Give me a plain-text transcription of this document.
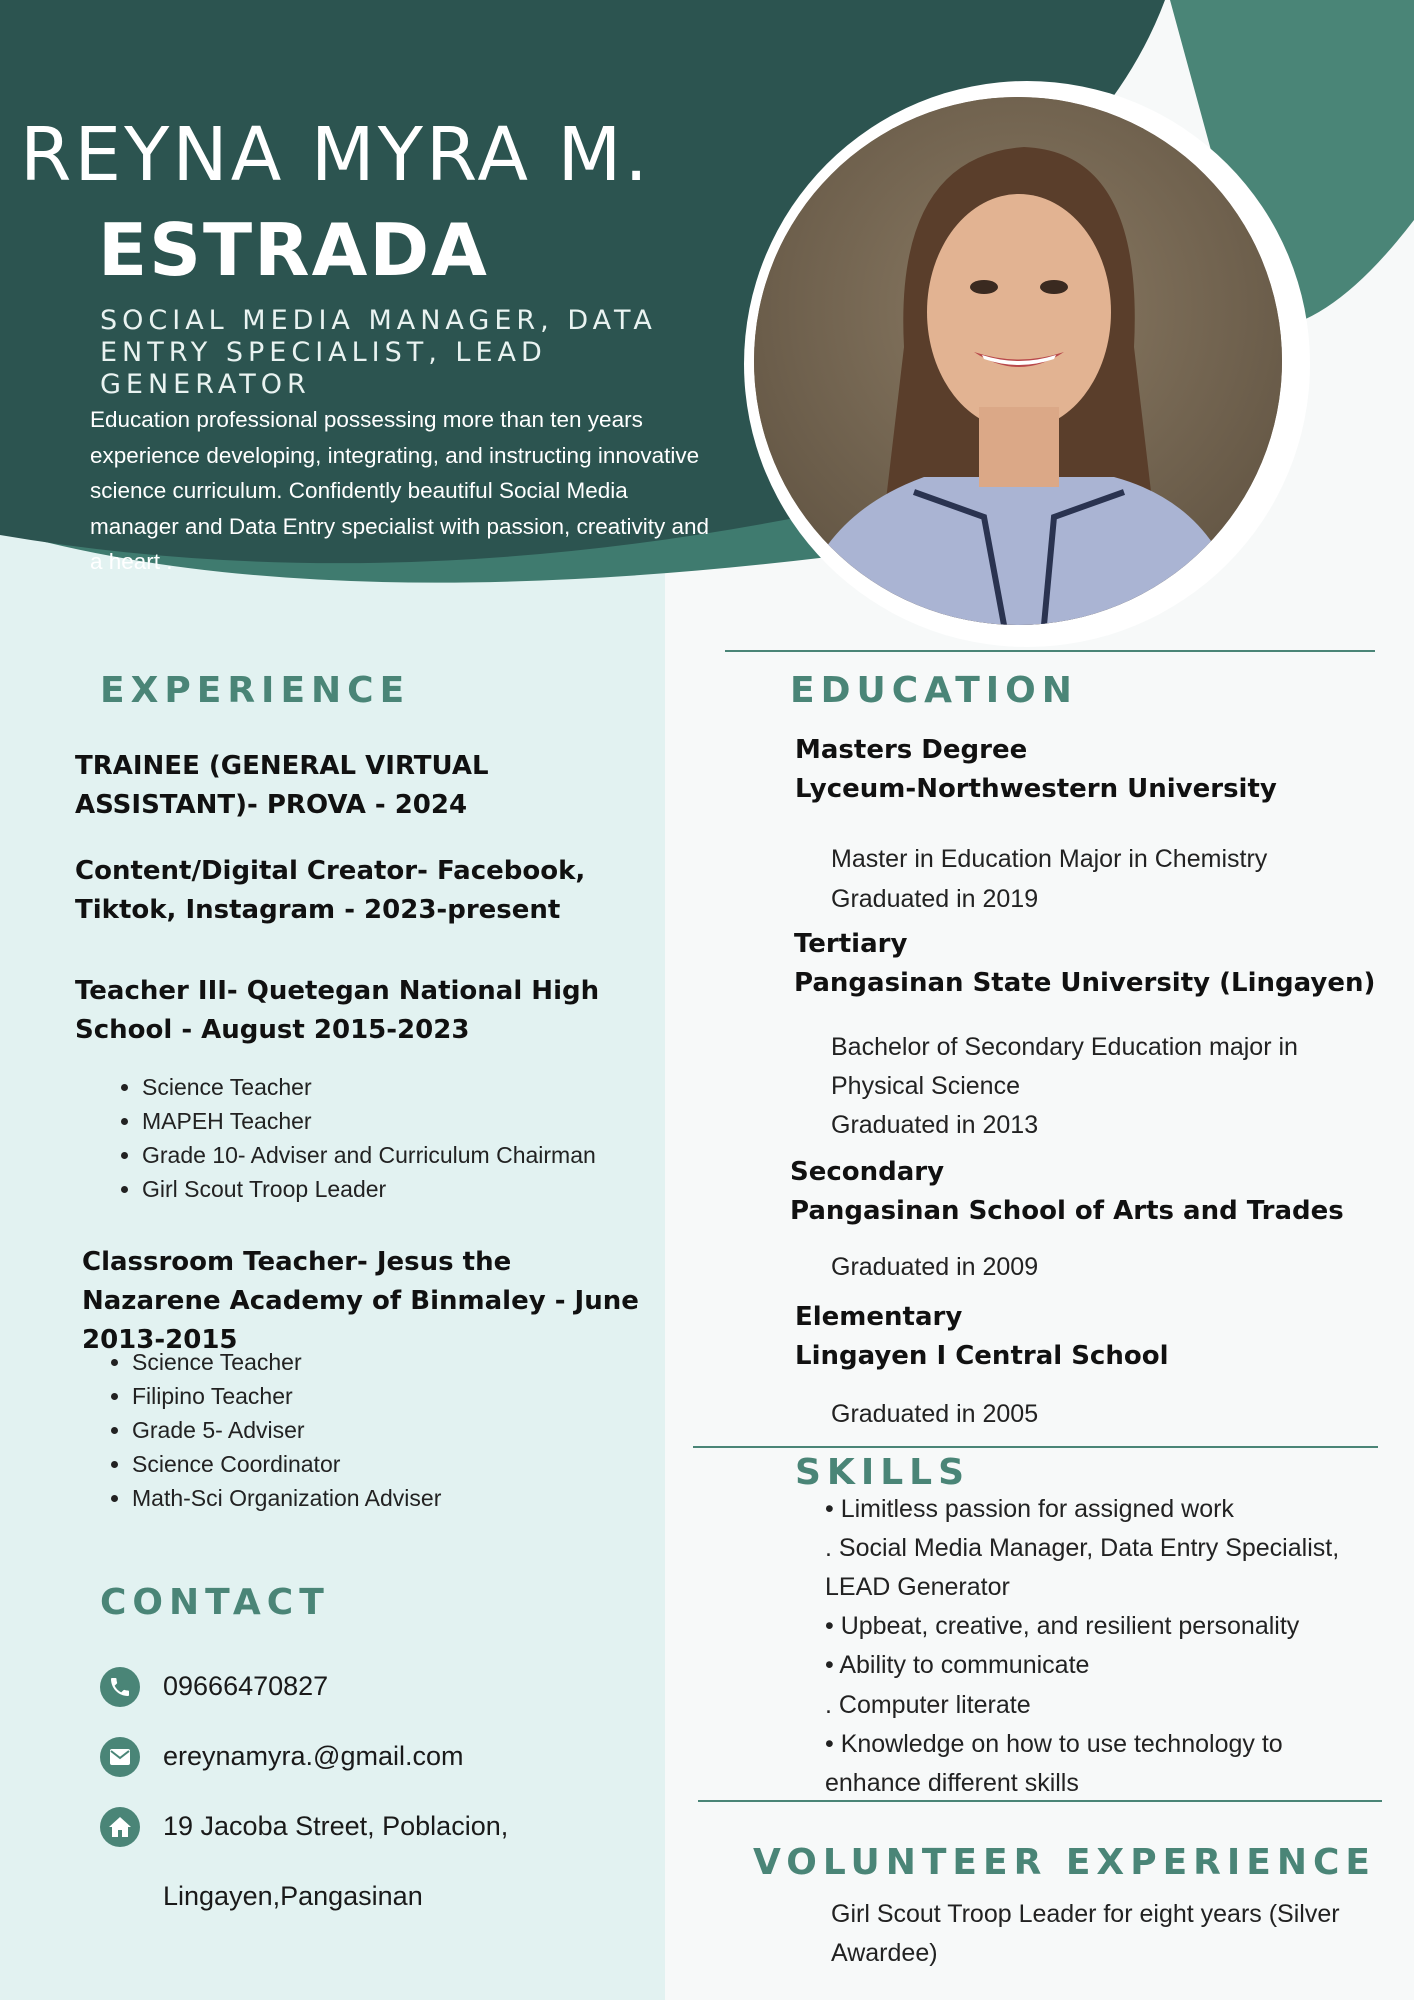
REYNA MYRA M.
ESTRADA
SOCIAL MEDIA MANAGER, DATA ENTRY SPECIALIST, LEAD GENERATOR
Education professional possessing more than ten years experience developing, integrating, and instructing innovative science curriculum. Confidently beautiful Social Media manager and Data Entry specialist with passion, creativity and a heart .
EXPERIENCE
TRAINEE (GENERAL VIRTUAL ASSISTANT)- PROVA - 2024
Content/Digital Creator- Facebook, Tiktok, Instagram - 2023-present
Teacher III- Quetegan National High School - August 2015-2023
• Science Teacher
• MAPEH Teacher
• Grade 10- Adviser and Curriculum Chairman
• Girl Scout Troop Leader
Classroom Teacher- Jesus the Nazarene Academy of Binmaley - June 2013-2015
• Science Teacher
• Filipino Teacher
• Grade 5- Adviser
• Science Coordinator
• Math-Sci Organization Adviser
CONTACT
09666470827
ereynamyra.@gmail.com
19 Jacoba Street, Poblacion,
Lingayen,Pangasinan
EDUCATION
Masters Degree
Lyceum-Northwestern University
Master in Education Major in Chemistry
Graduated in 2019
Tertiary
Pangasinan State University (Lingayen)
Bachelor of Secondary Education major in
Physical Science
Graduated in 2013
Secondary
Pangasinan School of Arts and Trades
Graduated in 2009
Elementary
Lingayen I Central School
Graduated in 2005
SKILLS
• Limitless passion for assigned work
. Social Media Manager, Data Entry Specialist,
LEAD Generator
• Upbeat, creative, and resilient personality
• Ability to communicate
. Computer literate
• Knowledge on how to use technology to
enhance different skills
VOLUNTEER EXPERIENCE
Girl Scout Troop Leader for eight years (Silver
Awardee)
